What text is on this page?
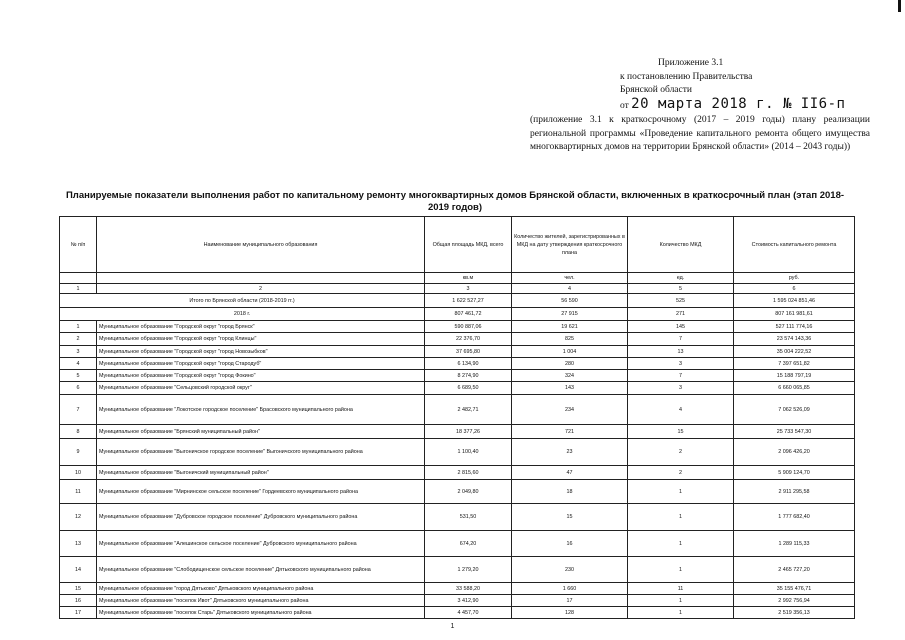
Приложение 3.1
к постановлению Правительства
Брянской области
от 20 марта 2018 г. № II6-п
(приложение 3.1 к краткосрочному (2017 – 2019 годы) плану реализации региональной программы «Проведение капитального ремонта общего имущества многоквартирных домов на территории Брянской области» (2014 – 2043 годы))
Планируемые показатели выполнения работ по капитальному ремонту многоквартирных домов Брянской области, включенных в краткосрочный план (этап 2018-2019 годов)
№ п/п	Наименование муниципального образования	Общая площадь МКД, всего	Количество жителей, зарегистрированных в МКД на дату утверждения краткосрочного плана	Количество МКД	Стоимость капитального ремонта
		кв.м	чел.	ед.	руб.
1	2	3	4	5	6
Итого по Брянской области (2018-2019 гг.)		1 622 527,27	56 590	525	1 595 024 851,46
2018 г.		807 461,72	27 915	271	807 161 981,61
1	Муниципальное образование "Городской округ "город Брянск"	590 887,06	19 621	145	527 111 774,16
2	Муниципальное образование "Городской округ "город Клинцы"	22 376,70	825	7	23 574 143,36
3	Муниципальное образование "Городской округ "город Новозыбков"	37 695,80	1 004	13	35 004 222,52
4	Муниципальное образование "Городской округ "город Стародуб"	6 134,90	280	3	7 397 651,82
5	Муниципальное образование "Городской округ "город Фокино"	8 274,90	324	7	15 188 797,19
6	Муниципальное образование "Сельцовский городской округ"	6 689,50	143	3	6 660 065,85
7	Муниципальное образование "Локотское городское поселение" Брасовского муниципального района	2 482,71	234	4	7 062 526,09
8	Муниципальное образование "Брянский муниципальный район"	18 377,26	721	15	25 733 547,30
9	Муниципальное образование "Выгоничское городское поселение" Выгоничского муниципального района	1 100,40	23	2	2 096 426,20
10	Муниципальное образование "Выгоничский муниципальный район"	2 815,60	47	2	5 909 124,70
11	Муниципальное образование "Мирнинское сельское поселение" Гордеевского муниципального района	2 049,80	18	1	2 911 295,58
12	Муниципальное образование "Дубровское городское поселение" Дубровского муниципального района	531,50	15	1	1 777 682,40
13	Муниципальное образование "Алешинское сельское поселение" Дубровского муниципального района	674,20	16	1	1 289 115,33
14	Муниципальное образование "Слободищенское сельское поселение" Дятьковского муниципального района	1 279,20	230	1	2 465 727,20
15	Муниципальное образование "город Дятьково" Дятьковского муниципального района	33 588,20	1 660	11	35 155 476,71
16	Муниципальное образование "поселок Ивот" Дятьковского муниципального района	3 412,90	17	1	2 992 756,94
17	Муниципальное образование "поселок Старь" Дятьковского муниципального района	4 457,70	128	1	2 519 356,13
1
